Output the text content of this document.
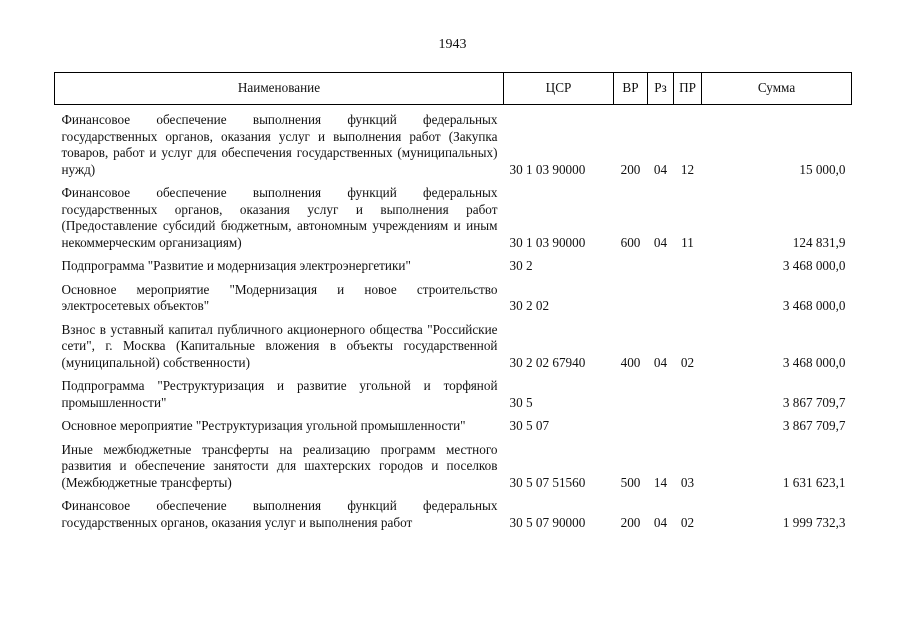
1943
Наименование	ЦСР	ВР	Рз	ПР	Сумма
Финансовое обеспечение выполнения функций федеральных государственных органов, оказания услуг и выполнения работ (Закупка товаров, работ и услуг для обеспечения государственных (муниципальных) нужд)	30 1 03 90000	200	04	12	15 000,0
Финансовое обеспечение выполнения функций федеральных государственных органов, оказания услуг и выполнения работ (Предоставление субсидий бюджетным, автономным учреждениям и иным некоммерческим организациям)	30 1 03 90000	600	04	11	124 831,9
Подпрограмма "Развитие и модернизация электроэнергетики"	30 2				3 468 000,0
Основное мероприятие "Модернизация и новое строительство электросетевых объектов"	30 2 02				3 468 000,0
Взнос в уставный капитал публичного акционерного общества "Российские сети", г. Москва (Капитальные вложения в объекты государственной (муниципальной) собственности)	30 2 02 67940	400	04	02	3 468 000,0
Подпрограмма "Реструктуризация и развитие угольной и торфяной промышленности"	30 5				3 867 709,7
Основное мероприятие "Реструктуризация угольной промышленности"	30 5 07				3 867 709,7
Иные межбюджетные трансферты на реализацию программ местного развития и обеспечение занятости для шахтерских городов и поселков (Межбюджетные трансферты)	30 5 07 51560	500	14	03	1 631 623,1
Финансовое обеспечение выполнения функций федеральных государственных органов, оказания услуг и выполнения работ	30 5 07 90000	200	04	02	1 999 732,3
